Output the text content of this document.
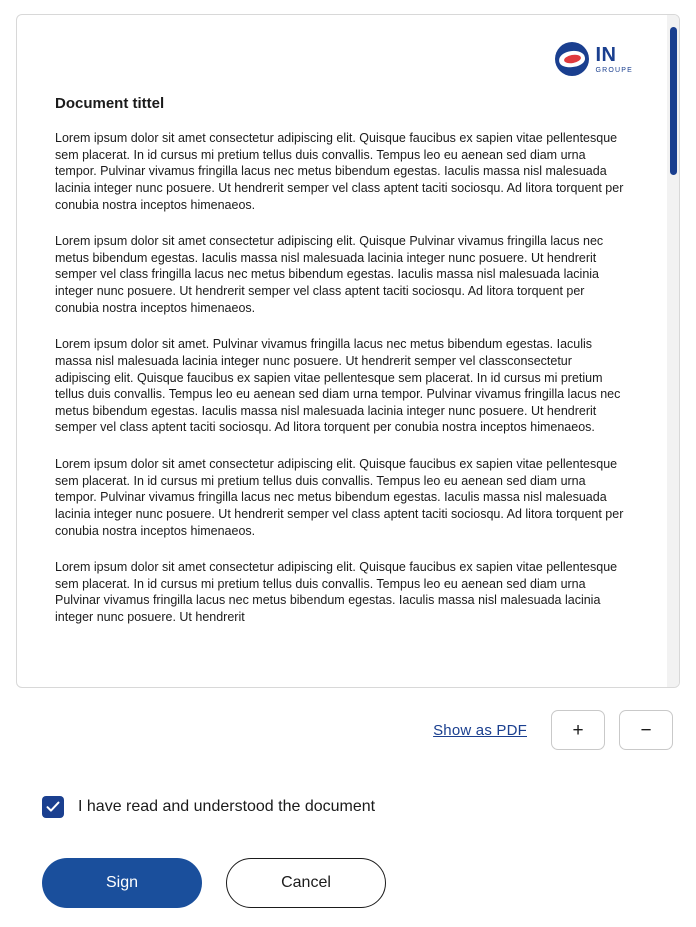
IN
GROUPE
Document tittel

Lorem ipsum dolor sit amet consectetur adipiscing elit. Quisque faucibus ex sapien vitae pellentesque sem placerat. In id cursus mi pretium tellus duis convallis. Tempus leo eu aenean sed diam urna tempor. Pulvinar vivamus fringilla lacus nec metus bibendum egestas. Iaculis massa nisl malesuada lacinia integer nunc posuere. Ut hendrerit semper vel class aptent taciti sociosqu. Ad litora torquent per conubia nostra inceptos himenaeos.

Lorem ipsum dolor sit amet consectetur adipiscing elit. Quisque Pulvinar vivamus fringilla lacus nec metus bibendum egestas. Iaculis massa nisl malesuada lacinia integer nunc posuere. Ut hendrerit semper vel class fringilla lacus nec metus bibendum egestas. Iaculis massa nisl malesuada lacinia integer nunc posuere. Ut hendrerit semper vel class aptent taciti sociosqu. Ad litora torquent per conubia nostra inceptos himenaeos.

Lorem ipsum dolor sit amet. Pulvinar vivamus fringilla lacus nec metus bibendum egestas. Iaculis massa nisl malesuada lacinia integer nunc posuere. Ut hendrerit semper vel classconsectetur adipiscing elit. Quisque faucibus ex sapien vitae pellentesque sem placerat. In id cursus mi pretium tellus duis convallis. Tempus leo eu aenean sed diam urna tempor. Pulvinar vivamus fringilla lacus nec metus bibendum egestas. Iaculis massa nisl malesuada lacinia integer nunc posuere. Ut hendrerit semper vel class aptent taciti sociosqu. Ad litora torquent per conubia nostra inceptos himenaeos.

Lorem ipsum dolor sit amet consectetur adipiscing elit. Quisque faucibus ex sapien vitae pellentesque sem placerat. In id cursus mi pretium tellus duis convallis. Tempus leo eu aenean sed diam urna tempor. Pulvinar vivamus fringilla lacus nec metus bibendum egestas. Iaculis massa nisl malesuada lacinia integer nunc posuere. Ut hendrerit semper vel class aptent taciti sociosqu. Ad litora torquent per conubia nostra inceptos himenaeos.

Lorem ipsum dolor sit amet consectetur adipiscing elit. Quisque faucibus ex sapien vitae pellentesque sem placerat. In id cursus mi pretium tellus duis convallis. Tempus leo eu aenean sed diam urna Pulvinar vivamus fringilla lacus nec metus bibendum egestas. Iaculis massa nisl malesuada lacinia integer nunc posuere. Ut hendrerit

Show as PDF	+	−
I have read and understood the document
Sign	Cancel
